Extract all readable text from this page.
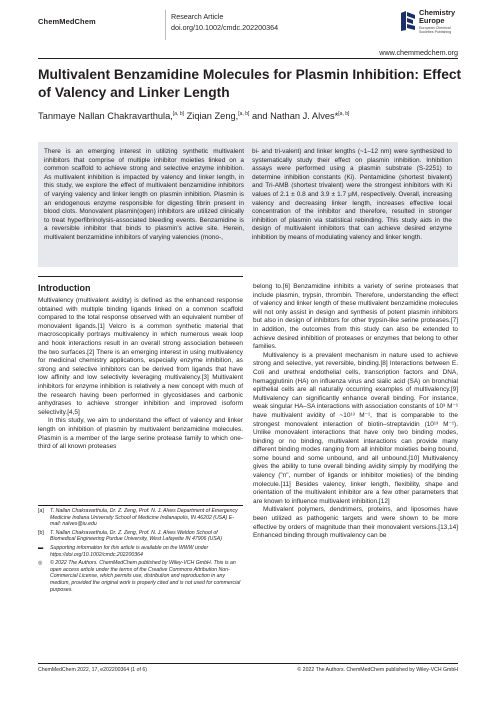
ChemMedChem
Research Article
doi.org/10.1002/cmdc.202200364
Chemistry
Europe
European Chemical Societies Publishing
www.chemmedchem.org
Multivalent Benzamidine Molecules for Plasmin Inhibition: Effect of Valency and Linker Length
Tanmaye Nallan Chakravarthula,[a, b] Ziqian Zeng,[a, b] and Nathan J. Alves*[a, b]
There is an emerging interest in utilizing synthetic multivalent inhibitors that comprise of multiple inhibitor moieties linked on a common scaffold to achieve strong and selective enzyme inhibition. As multivalent inhibition is impacted by valency and linker length, in this study, we explore the effect of multivalent benzamidine inhibitors of varying valency and linker length on plasmin inhibition. Plasmin is an endogenous enzyme responsible for digesting fibrin present in blood clots. Monovalent plasmin(ogen) inhibitors are utilized clinically to treat hyperfibrinolysis-associated bleeding events. Benzamidine is a reversible inhibitor that binds to plasmin's active site. Herein, multivalent benzamidine inhibitors of varying valencies (mono-,
bi- and tri-valent) and linker lengths (~1–12 nm) were synthesized to systematically study their effect on plasmin inhibition. Inhibition assays were performed using a plasmin substrate (S-2251) to determine inhibition constants (Ki). Pentamidine (shortest bivalent) and Tri-AMB (shortest trivalent) were the strongest inhibitors with Ki values of 2.1 ± 0.8 and 3.9 ± 1.7 μM, respectively. Overall, increasing valency and decreasing linker length, increases effective local concentration of the inhibitor and therefore, resulted in stronger inhibition of plasmin via statistical rebinding. This study aids in the design of multivalent inhibitors that can achieve desired enzyme inhibition by means of modulating valency and linker length.
Introduction

Multivalency (multivalent avidity) is defined as the enhanced response obtained with multiple binding ligands linked on a common scaffold compared to the total response observed with an equivalent number of monovalent ligands.[1] Velcro is a common synthetic material that macroscopically portrays multivalency in which numerous weak loop and hook interactions result in an overall strong association between the two surfaces.[2] There is an emerging interest in using multivalency for medicinal chemistry applications, especially enzyme inhibition, as strong and selective inhibitors can be derived from ligands that have low affinity and low selectivity leveraging multivalency.[3] Multivalent inhibitors for enzyme inhibition is relatively a new concept with much of the research having been performed in glycosidases and carbonic anhydrases to achieve stronger inhibition and improved isoform selectivity.[4,5]

In this study, we aim to understand the effect of valency and linker length on inhibition of plasmin by multivalent benzamidine molecules. Plasmin is a member of the large serine protease family to which one-third of all known proteases

[a] T. Nallan Chakravarthula, Dr. Z. Zeng, Prof. N. J. Alves Department of Emergency Medicine Indiana University School of Medicine Indianapolis, IN 46202 (USA) E-mail: nalves@iu.edu
[b] T. Nallan Chakravarthula, Dr. Z. Zeng, Prof. N. J. Alves Weldon School of Biomedical Engineering Purdue University, West Lafayette IN 47906 (USA)
▬ Supporting information for this article is available on the WWW under https://doi.org/10.1002/cmdc.202200364
◎ © 2022 The Authors. ChemMedChem published by Wiley-VCH GmbH. This is an open access article under the terms of the Creative Commons Attribution Non-Commercial License, which permits use, distribution and reproduction in any medium, provided the original work is properly cited and is not used for commercial purposes.

belong to.[6] Benzamidine inhibits a variety of serine proteases that include plasmin, trypsin, thrombin. Therefore, understanding the effect of valency and linker length of these multivalent benzamidine molecules will not only assist in design and synthesis of potent plasmin inhibitors but also in design of inhibitors for other trypsin-like serine proteases.[7] In addition, the outcomes from this study can also be extended to achieve desired inhibition of proteases or enzymes that belong to other families.

Multivalency is a prevalent mechanism in nature used to achieve strong and selective, yet reversible, binding.[8] Interactions between E. Coli and urethral endothelial cells, transcription factors and DNA, hemagglutinin (HA) on influenza virus and sialic acid (SA) on bronchial epithelial cells are all naturally occurring examples of multivalency.[9] Multivalency can significantly enhance overall binding. For instance, weak singular HA–SA interactions with association constants of 10³ M⁻¹ have multivalent avidity of ~10¹³ M⁻¹, that is comparable to the strongest monovalent interaction of biotin–streptavidin (10¹³ M⁻¹). Unlike monovalent interactions that have only two binding modes, binding or no binding, multivalent interactions can provide many different binding modes ranging from all inhibitor moieties being bound, some bound and some unbound, and all unbound.[10] Multivalency gives the ability to tune overall binding avidity simply by modifying the valency ("n", number of ligands or inhibitor moieties) of the binding molecule.[11] Besides valency, linker length, flexibility, shape and orientation of the multivalent inhibitor are a few other parameters that are known to influence multivalent inhibition.[12]

Multivalent polymers, dendrimers, proteins, and liposomes have been utilized as pathogenic targets and were shown to be more effective by orders of magnitude than their monovalent versions.[13,14] Enhanced binding through multivalency can be

ChemMedChem 2022, 17, e202200364 (1 of 6)	© 2022 The Authors. ChemMedChem published by Wiley-VCH GmbH
